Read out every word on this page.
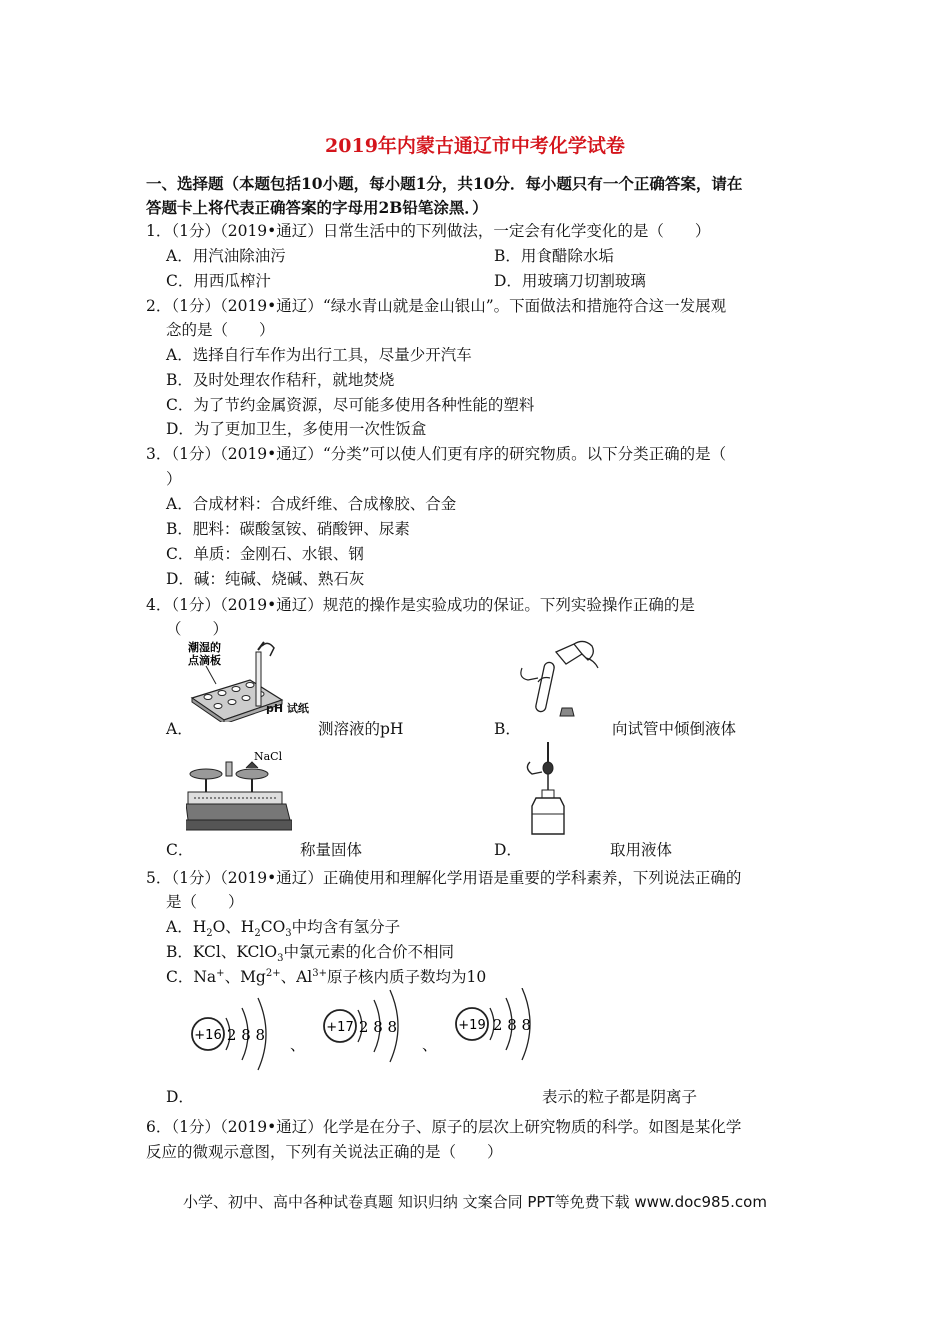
2019年内蒙古通辽市中考化学试卷
一、选择题（本题包括10小题，每小题1分，共10分．每小题只有一个正确答案，请在
答题卡上将代表正确答案的字母用2B铅笔涂黑．）
1．（1分）（2019•通辽）日常生活中的下列做法，一定会有化学变化的是（　　）
A．用汽油除油污	B．用食醋除水垢
C．用西瓜榨汁	D．用玻璃刀切割玻璃
2．（1分）（2019•通辽）“绿水青山就是金山银山”。下面做法和措施符合这一发展观
念的是（　　）
A．选择自行车作为出行工具，尽量少开汽车
B．及时处理农作秸秆，就地焚烧
C．为了节约金属资源，尽可能多使用各种性能的塑料
D．为了更加卫生，多使用一次性饭盒
3．（1分）（2019•通辽）“分类”可以使人们更有序的研究物质。以下分类正确的是（
）
A．合成材料：合成纤维、合成橡胶、合金
B．肥料：碳酸氢铵、硝酸钾、尿素
C．单质：金刚石、水银、钢
D．碱：纯碱、烧碱、熟石灰
4．（1分）（2019•通辽）规范的操作是实验成功的保证。下列实验操作正确的是
（　　）
潮湿的
点滴板
pH 试纸
A．	测溶液的pH	B．	向试管中倾倒液体
NaCl
C．	称量固体	D．	取用液体
5．（1分）（2019•通辽）正确使用和理解化学用语是重要的学科素养，下列说法正确的
是（　　）
A．$H_2O$、$H_2CO_3$中均含有氢分子
B．KCl、KClO$_3$中氯元素的化合价不相同
C．Na+、$Mg^{2+}$、$Al^{3+}$原子核内质子数均为10
+16 2 8 8
、
+17 2 8 8
、
+19 2 8 8
D．	表示的粒子都是阴离子
6．（1分）（2019•通辽）化学是在分子、原子的层次上研究物质的科学。如图是某化学
反应的微观示意图，下列有关说法正确的是（　　）
小学、初中、高中各种试卷真题 知识归纳 文案合同 PPT等免费下载 www.doc985.com
